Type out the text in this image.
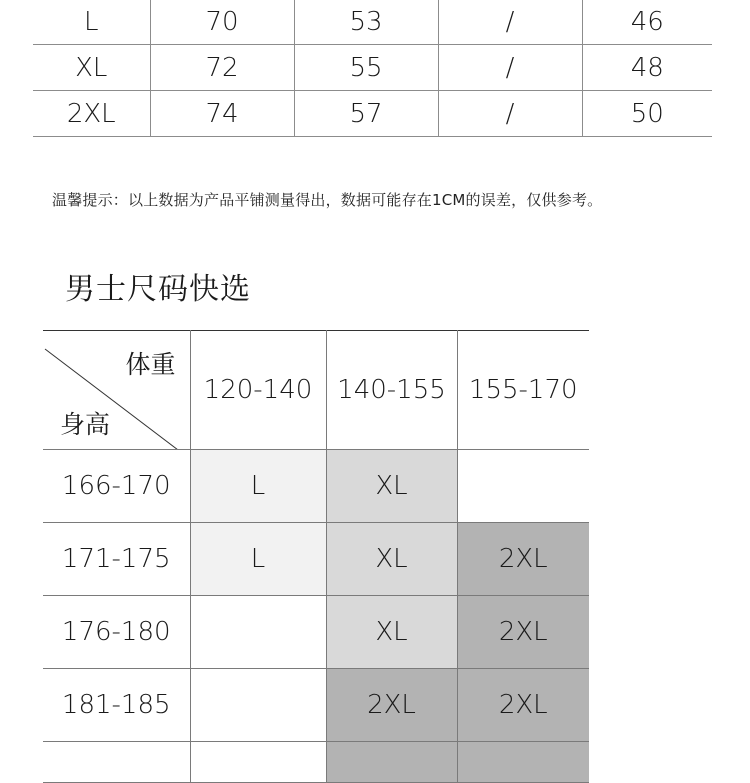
L	70	53	/	46
XL	72	55	/	48
2XL	74	57	/	50
温馨提示：以上数据为产品平铺测量得出，数据可能存在1CM的误差，仅供参考。
男士尺码快选
体重
身高	120-140	140-155	155-170
166-170	L	XL	
171-175	L	XL	2XL
176-180		XL	2XL
181-185		2XL	2XL
